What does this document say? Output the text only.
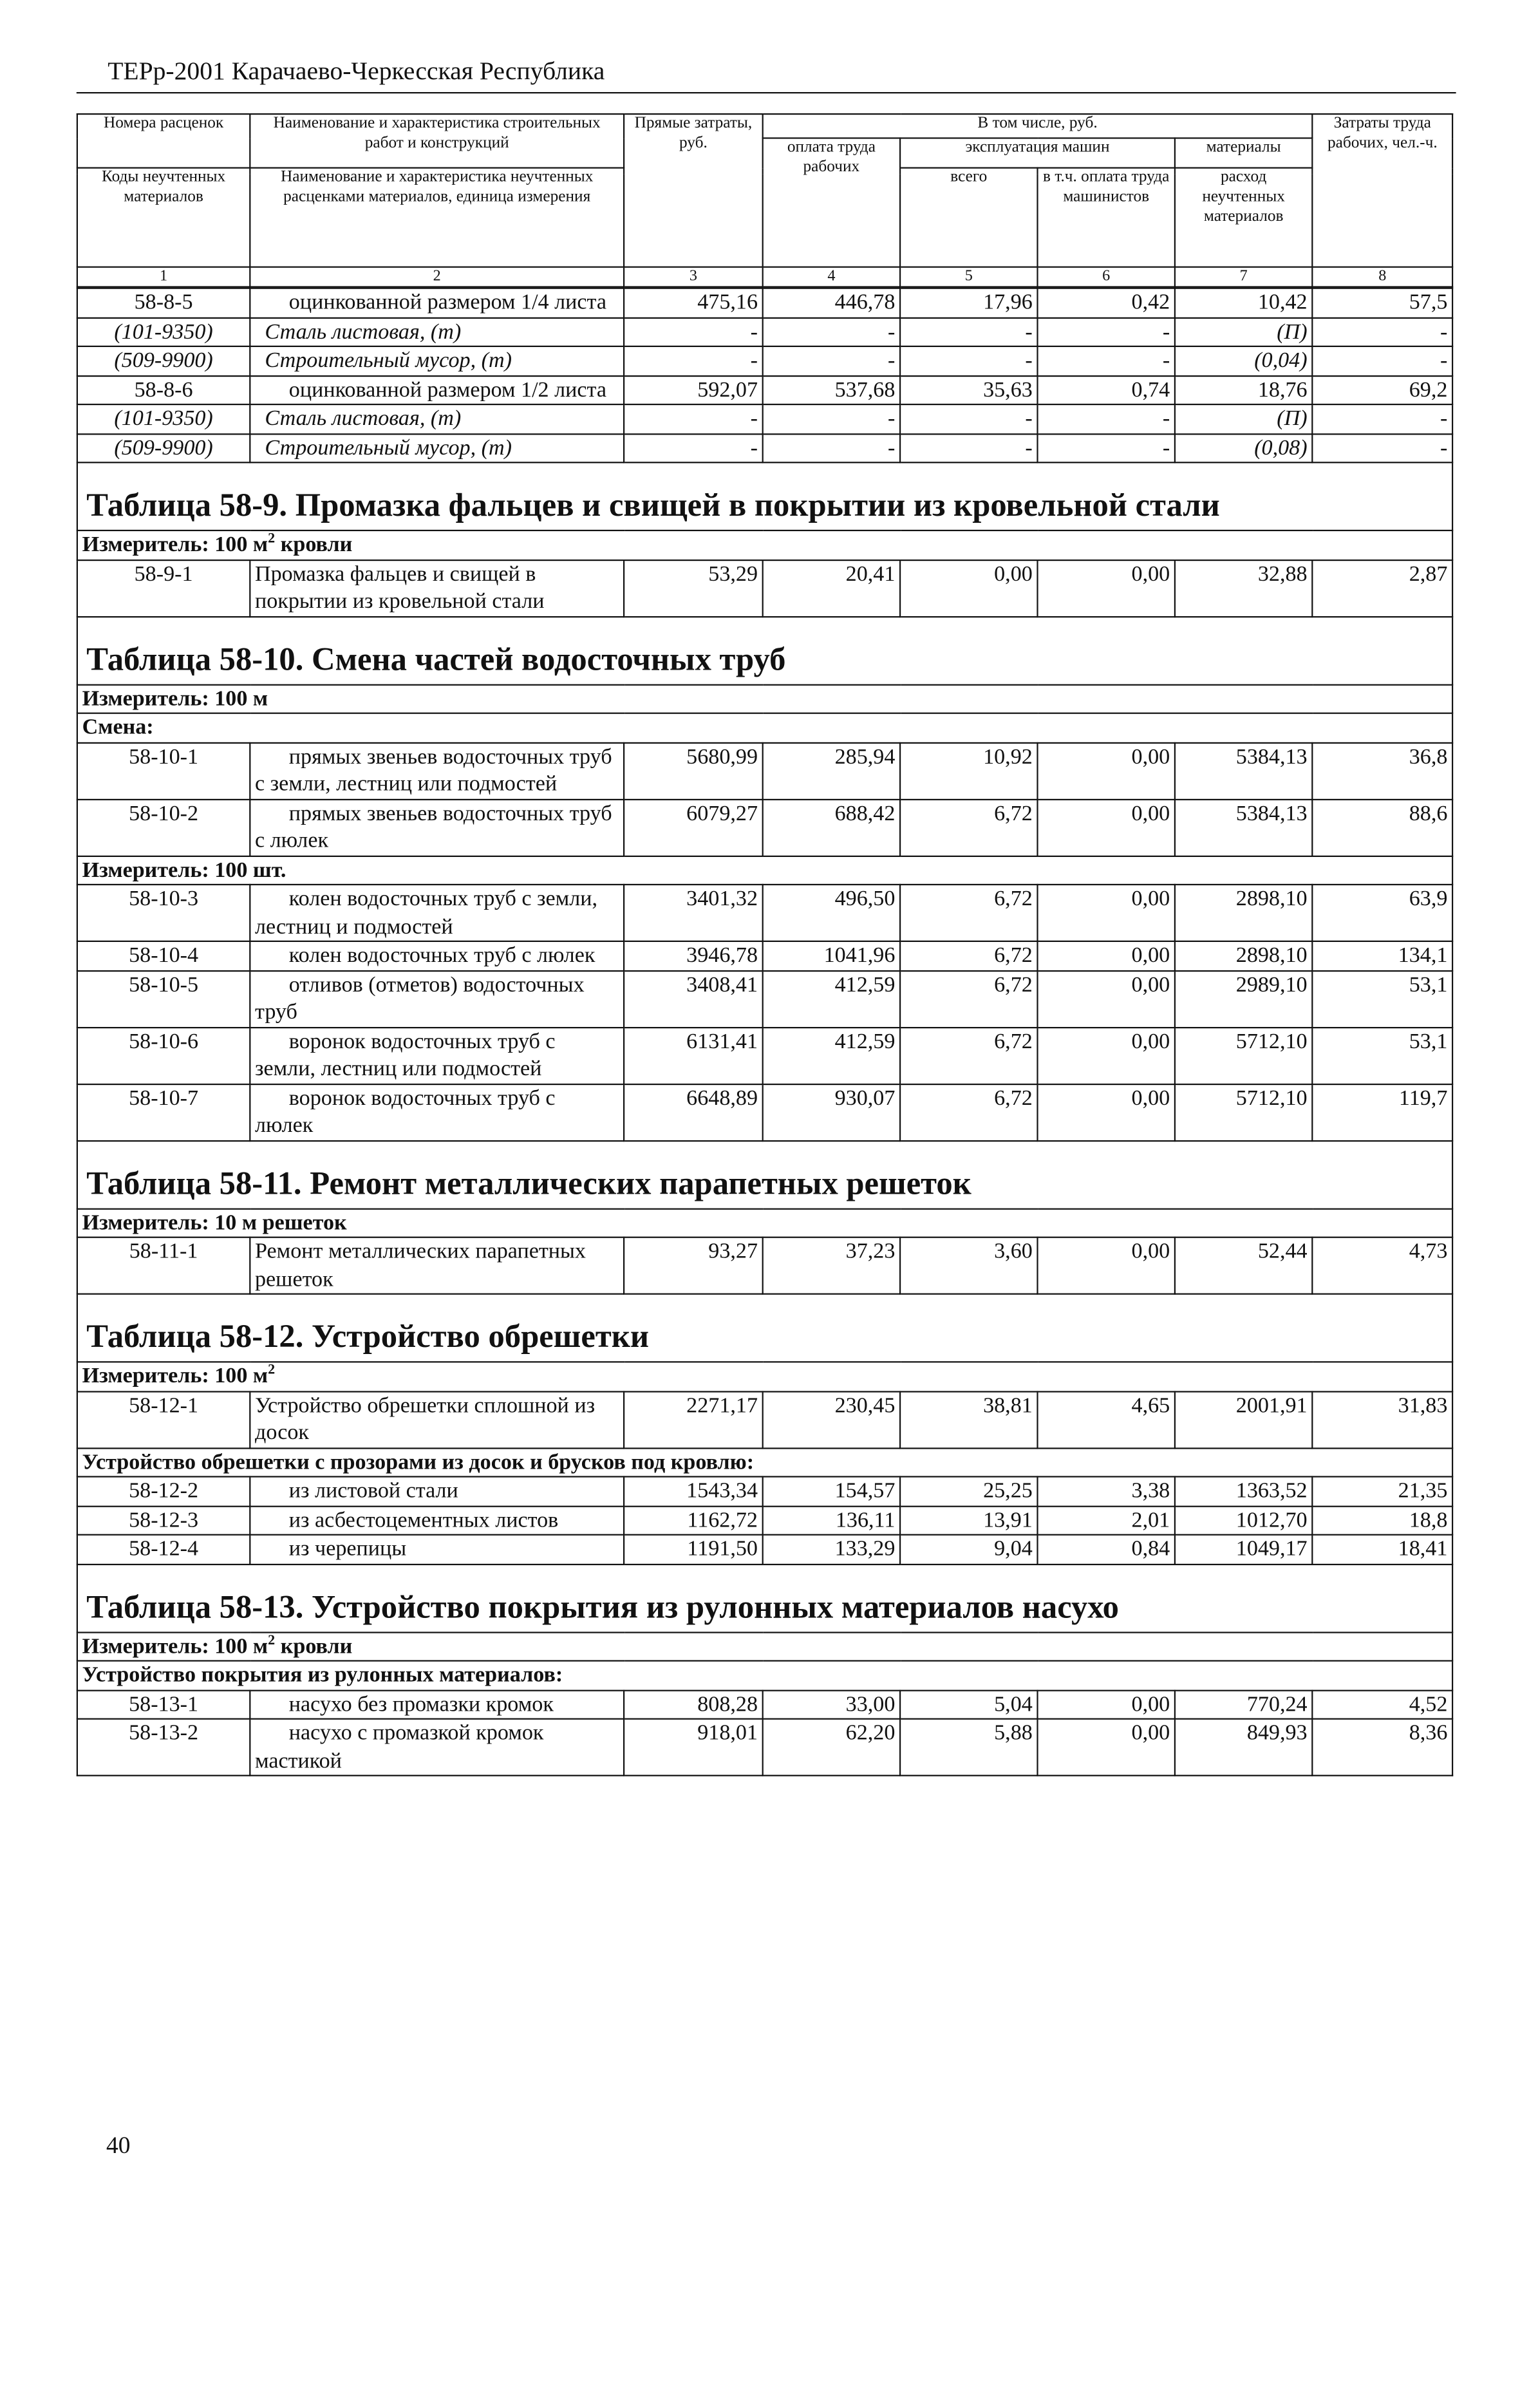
ТЕРр-2001 Карачаево-Черкесская Республика
Номера расценок	Наименование и характеристика строительных работ и конструкций	Прямые затраты, руб.	В том числе, руб.				Затраты труда рабочих, чел.-ч.
			оплата труда рабочих	эксплуатация машин		материалы	
Коды неучтенных материалов	Наименование и характеристика неучтенных расценками материалов, единица измерения			всего	в т.ч. оплата труда машинистов	расход неучтенных материалов	

1	2	3	4	5	6	7	8
58-8-5	оцинкованной размером 1/4 листа	475,16	446,78	17,96	0,42	10,42	57,5
(101-9350)	Сталь листовая, (т)	-	-	-	-	(П)	-
(509-9900)	Строительный мусор, (т)	-	-	-	-	(0,04)	-
58-8-6	оцинкованной размером 1/2 листа	592,07	537,68	35,63	0,74	18,76	69,2
(101-9350)	Сталь листовая, (т)	-	-	-	-	(П)	-
(509-9900)	Строительный мусор, (т)	-	-	-	-	(0,08)	-

Таблица 58-9. Промазка фальцев и свищей в покрытии из кровельной стали							

Измеритель: 100 $м^2$ кровли							
58-9-1	Промазка фальцев и свищей в покрытии из кровельной стали	53,29	20,41	0,00	0,00	32,88	2,87

Таблица 58-10. Смена частей водосточных труб							

Измеритель: 100 м							
Смена:							
58-10-1	прямых звеньев водосточных труб с земли, лестниц или подмостей	5680,99	285,94	10,92	0,00	5384,13	36,8
58-10-2	прямых звеньев водосточных труб с люлек	6079,27	688,42	6,72	0,00	5384,13	88,6
Измеритель: 100 шт.							
58-10-3	колен водосточных труб с земли, лестниц и подмостей	3401,32	496,50	6,72	0,00	2898,10	63,9
58-10-4	колен водосточных труб с люлек	3946,78	1041,96	6,72	0,00	2898,10	134,1
58-10-5	отливов (отметов) водосточных труб	3408,41	412,59	6,72	0,00	2989,10	53,1
58-10-6	воронок водосточных труб с земли, лестниц или подмостей	6131,41	412,59	6,72	0,00	5712,10	53,1
58-10-7	воронок водосточных труб с люлек	6648,89	930,07	6,72	0,00	5712,10	119,7

Таблица 58-11. Ремонт металлических парапетных решеток							

Измеритель: 10 м решеток							
58-11-1	Ремонт металлических парапетных решеток	93,27	37,23	3,60	0,00	52,44	4,73

Таблица 58-12. Устройство обрешетки							

Измеритель: 100 $м^2$
58-12-1	Устройство обрешетки сплошной из досок	2271,17	230,45	38,81	4,65	2001,91	31,83
Устройство обрешетки с прозорами из досок и брусков под кровлю:							
58-12-2	из листовой стали	1543,34	154,57	25,25	3,38	1363,52	21,35
58-12-3	из асбестоцементных листов	1162,72	136,11	13,91	2,01	1012,70	18,8
58-12-4	из черепицы	1191,50	133,29	9,04	0,84	1049,17	18,41

Таблица 58-13. Устройство покрытия из рулонных материалов насухо							

Измеритель: 100 $м^2$ кровли							
Устройство покрытия из рулонных материалов:							
58-13-1	насухо без промазки кромок	808,28	33,00	5,04	0,00	770,24	4,52
58-13-2	насухо с промазкой кромок мастикой	918,01	62,20	5,88	0,00	849,93	8,36
40
